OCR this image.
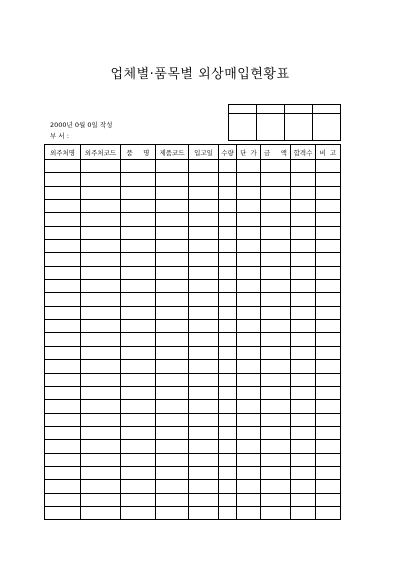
업체별·품목별 외상매입현황표

2000년 0월 0일 작성
부 서 :
외주처명	외주처코드	품     명	제품코드	입고일	수량	단  가	금     액	합격수	비  고
